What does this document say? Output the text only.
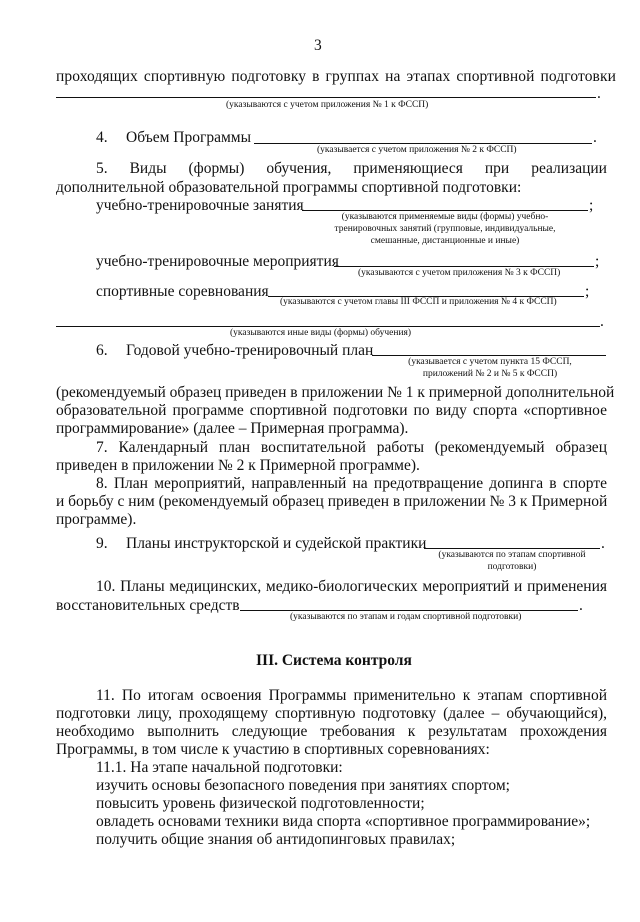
3
проходящих спортивную подготовку в группах на этапах спортивной подготовки
.
(указываются с учетом приложения № 1 к ФССП)
4. Объем Программы	.
(указывается с учетом приложения № 2 к ФССП)
5. Виды (формы) обучения, применяющиеся при реализации
дополнительной образовательной программы спортивной подготовки:
учебно-тренировочные занятия	;
(указываются применяемые виды (формы) учебно-
тренировочных занятий (групповые, индивидуальные,
смешанные, дистанционные и иные)
учебно-тренировочные мероприятия	;
(указываются с учетом приложения № 3 к ФССП)
спортивные соревнования	;
(указываются с учетом главы III ФССП и приложения № 4 к ФССП)
.
(указываются иные виды (формы) обучения)
6. Годовой учебно-тренировочный план
(указывается с учетом пункта 15 ФССП,
приложений № 2 и № 5 к ФССП)
(рекомендуемый образец приведен в приложении № 1 к примерной дополнительной
образовательной программе спортивной подготовки по виду спорта «спортивное
программирование» (далее – Примерная программа).
7. Календарный план воспитательной работы (рекомендуемый образец
приведен в приложении № 2 к Примерной программе).
8. План мероприятий, направленный на предотвращение допинга в спорте
и борьбу с ним (рекомендуемый образец приведен в приложении № 3 к Примерной
программе).
9. Планы инструкторской и судейской практики	.
(указываются по этапам спортивной
подготовки)
10. Планы медицинских, медико-биологических мероприятий и применения
восстановительных средств	.
(указываются по этапам и годам спортивной подготовки)
III. Система контроля
11. По итогам освоения Программы применительно к этапам спортивной
подготовки лицу, проходящему спортивную подготовку (далее – обучающийся),
необходимо выполнить следующие требования к результатам прохождения
Программы, в том числе к участию в спортивных соревнованиях:
11.1. На этапе начальной подготовки:
изучить основы безопасного поведения при занятиях спортом;
повысить уровень физической подготовленности;
овладеть основами техники вида спорта «спортивное программирование»;
получить общие знания об антидопинговых правилах;
